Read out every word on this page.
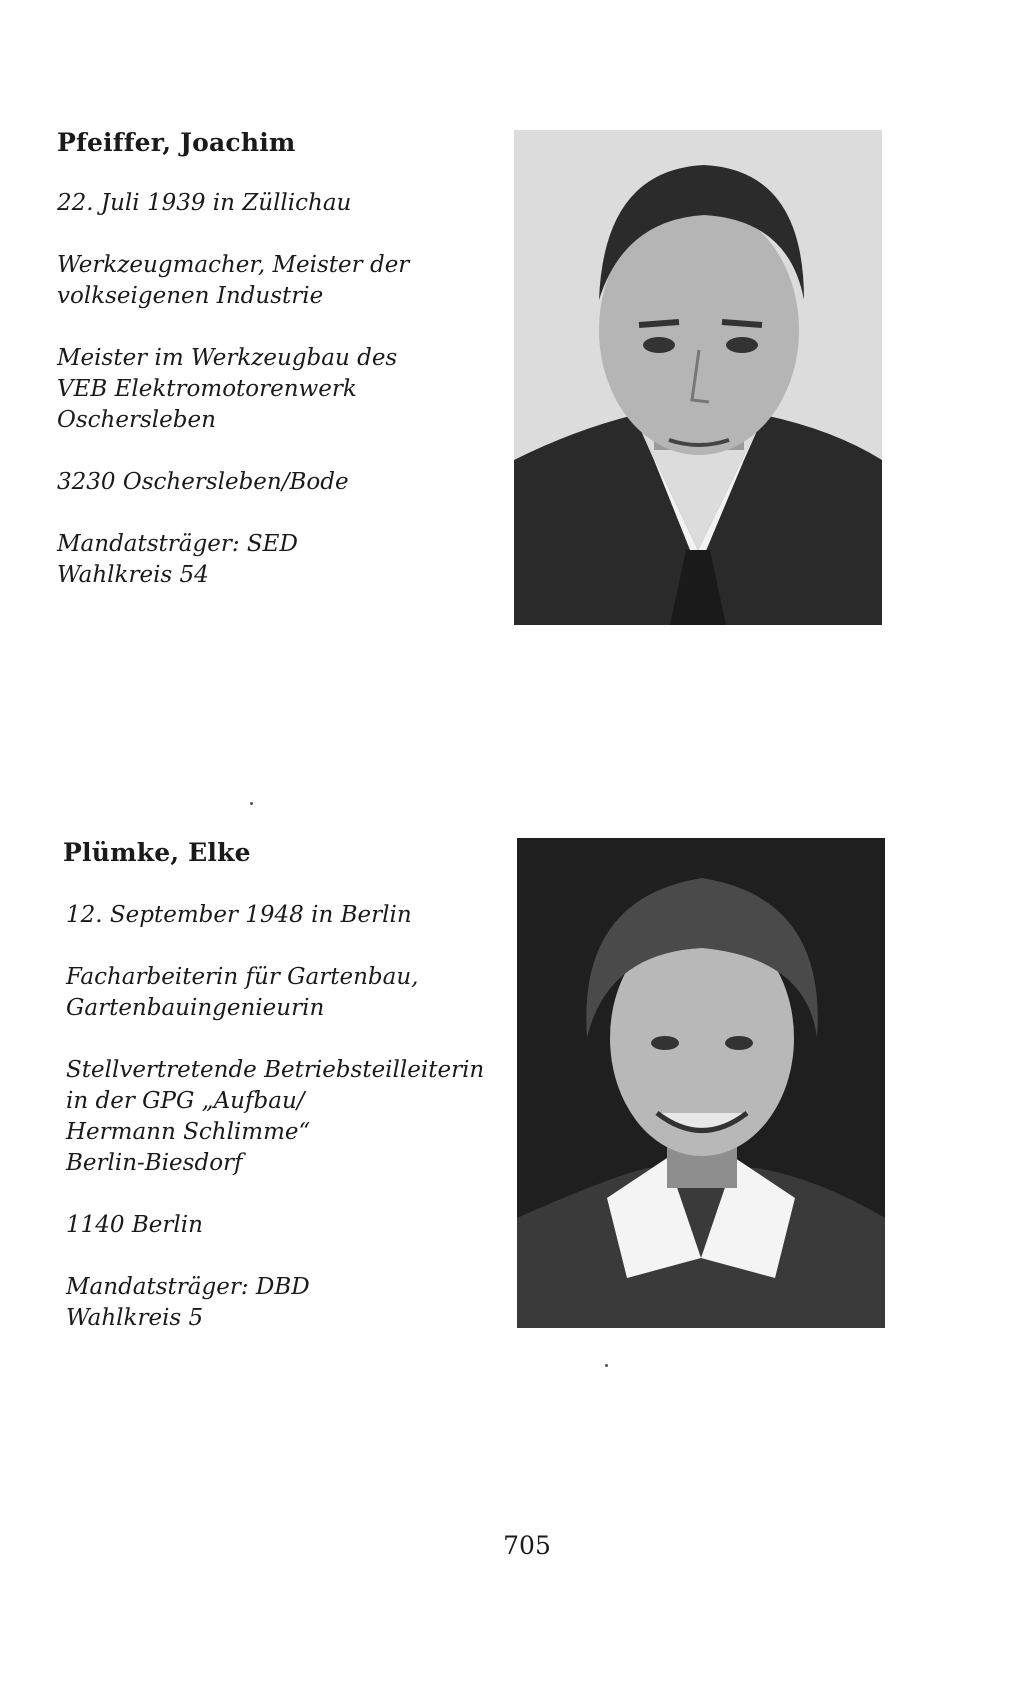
Pfeiffer, Joachim
22. Juli 1939 in Züllichau
Werkzeugmacher, Meister der
volkseigenen Industrie
Meister im Werkzeugbau des
VEB Elektromotorenwerk
Oschersleben
3230 Oschersleben/Bode
Mandatsträger: SED
Wahlkreis 54
Plümke, Elke
12. September 1948 in Berlin
Facharbeiterin für Gartenbau,
Gartenbauingenieurin
Stellvertretende Betriebsteilleiterin
in der GPG „Aufbau/
Hermann Schlimme“
Berlin-Biesdorf
1140 Berlin
Mandatsträger: DBD
Wahlkreis 5
705
